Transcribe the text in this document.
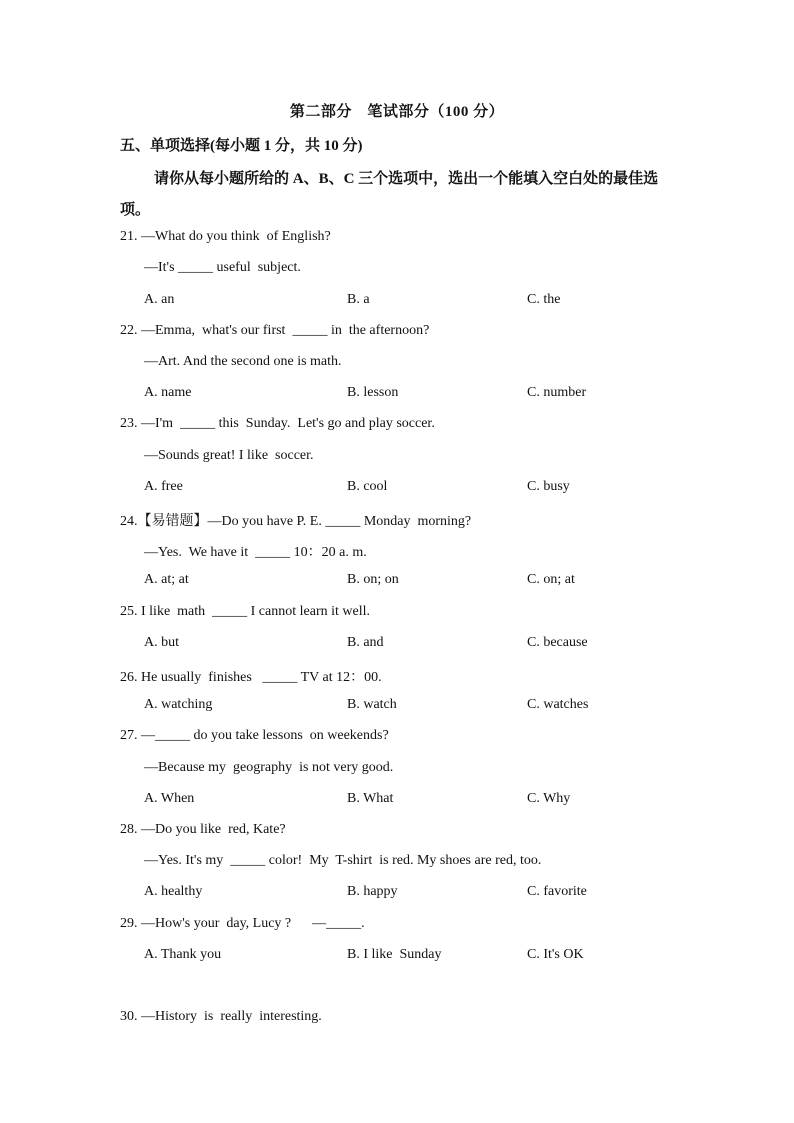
第二部分　笔试部分（100 分）
五、单项选择(每小题 1 分，共 10 分)
请你从每小题所给的 A、B、C 三个选项中，选出一个能填入空白处的最佳选项。
21. —What do you think  of English?
—It's _____ useful  subject.
A. an	B. a	C. the
22. —Emma,  what's our first  _____ in  the afternoon?
—Art. And the second one is math.
A. name	B. lesson	C. number
23. —I'm  _____ this  Sunday.  Let's go and play soccer.
—Sounds great! I like  soccer.
A. free	B. cool	C. busy
24.【易错题】—Do you have P. E. _____ Monday  morning?
—Yes.  We have it  _____ 10：20 a. m.
A. at; at	B. on; on	C. on; at
25. I like  math  _____ I cannot learn it well.
A. but	B. and	C. because
26. He usually  finishes   _____ TV at 12：00.
A. watching	B. watch	C. watches
27. —_____ do you take lessons  on weekends?
—Because my  geography  is not very good.
A. When	B. What	C. Why
28. —Do you like  red, Kate?
—Yes. It's my  _____ color!  My  T-shirt  is red. My shoes are red, too.
A. healthy	B. happy	C. favorite
29. —How's your  day, Lucy ?      —_____.
A. Thank you	B. I like  Sunday	C. It's OK
30. —History  is  really  interesting.
